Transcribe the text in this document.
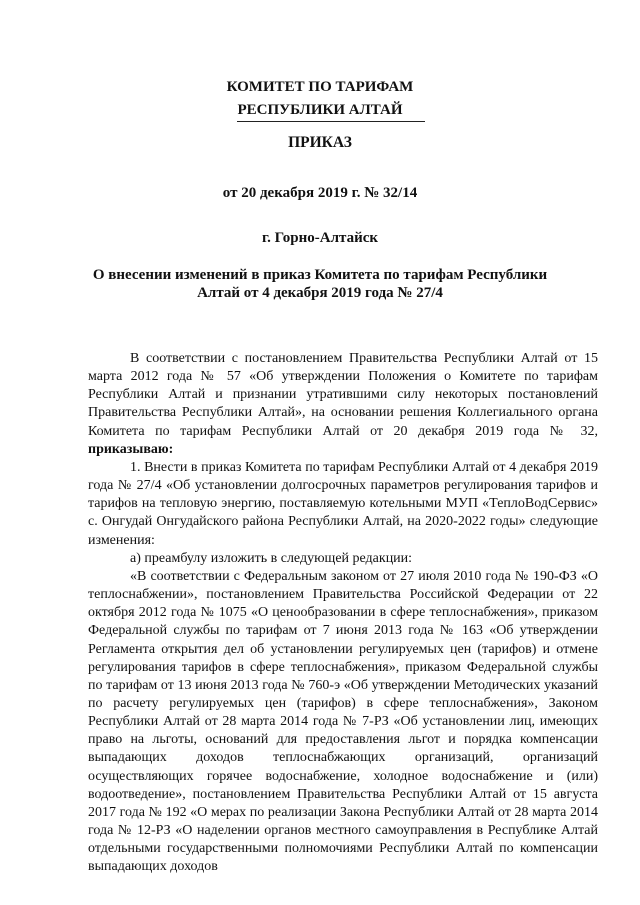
КОМИТЕТ ПО ТАРИФАМ
РЕСПУБЛИКИ АЛТАЙ
ПРИКАЗ
от 20 декабря 2019 г. № 32/14
г. Горно-Алтайск
О внесении изменений в приказ Комитета по тарифам Республики
Алтай от 4 декабря 2019 года № 27/4

В соответствии с постановлением Правительства Республики Алтай от 15 марта 2012 года № 57 «Об утверждении Положения о Комитете по тарифам Республики Алтай и признании утратившими силу некоторых постановлений Правительства Республики Алтай», на основании решения Коллегиального органа Комитета по тарифам Республики Алтай от 20 декабря 2019 года № 32, приказываю:

1. Внести в приказ Комитета по тарифам Республики Алтай от 4 декабря 2019 года № 27/4 «Об установлении долгосрочных параметров регулирования тарифов и тарифов на тепловую энергию, поставляемую котельными МУП «ТеплоВодСервис» с. Онгудай Онгудайского района Республики Алтай, на 2020-2022 годы» следующие изменения:

а) преамбулу изложить в следующей редакции:

«В соответствии с Федеральным законом от 27 июля 2010 года № 190-ФЗ «О теплоснабжении», постановлением Правительства Российской Федерации от 22 октября 2012 года № 1075 «О ценообразовании в сфере теплоснабжения», приказом Федеральной службы по тарифам от 7 июня 2013 года № 163 «Об утверждении Регламента открытия дел об установлении регулируемых цен (тарифов) и отмене регулирования тарифов в сфере теплоснабжения», приказом Федеральной службы по тарифам от 13 июня 2013 года № 760-э «Об утверждении Методических указаний по расчету регулируемых цен (тарифов) в сфере теплоснабжения», Законом Республики Алтай от 28 марта 2014 года № 7-РЗ «Об установлении лиц, имеющих право на льготы, оснований для предоставления льгот и порядка компенсации выпадающих доходов теплоснабжающих организаций, организаций осуществляющих горячее водоснабжение, холодное водоснабжение и (или) водоотведение», постановлением Правительства Республики Алтай от 15 августа 2017 года № 192 «О мерах по реализации Закона Республики Алтай от 28 марта 2014 года № 12-РЗ «О наделении органов местного самоуправления в Республике Алтай отдельными государственными полномочиями Республики Алтай по компенсации выпадающих доходов
